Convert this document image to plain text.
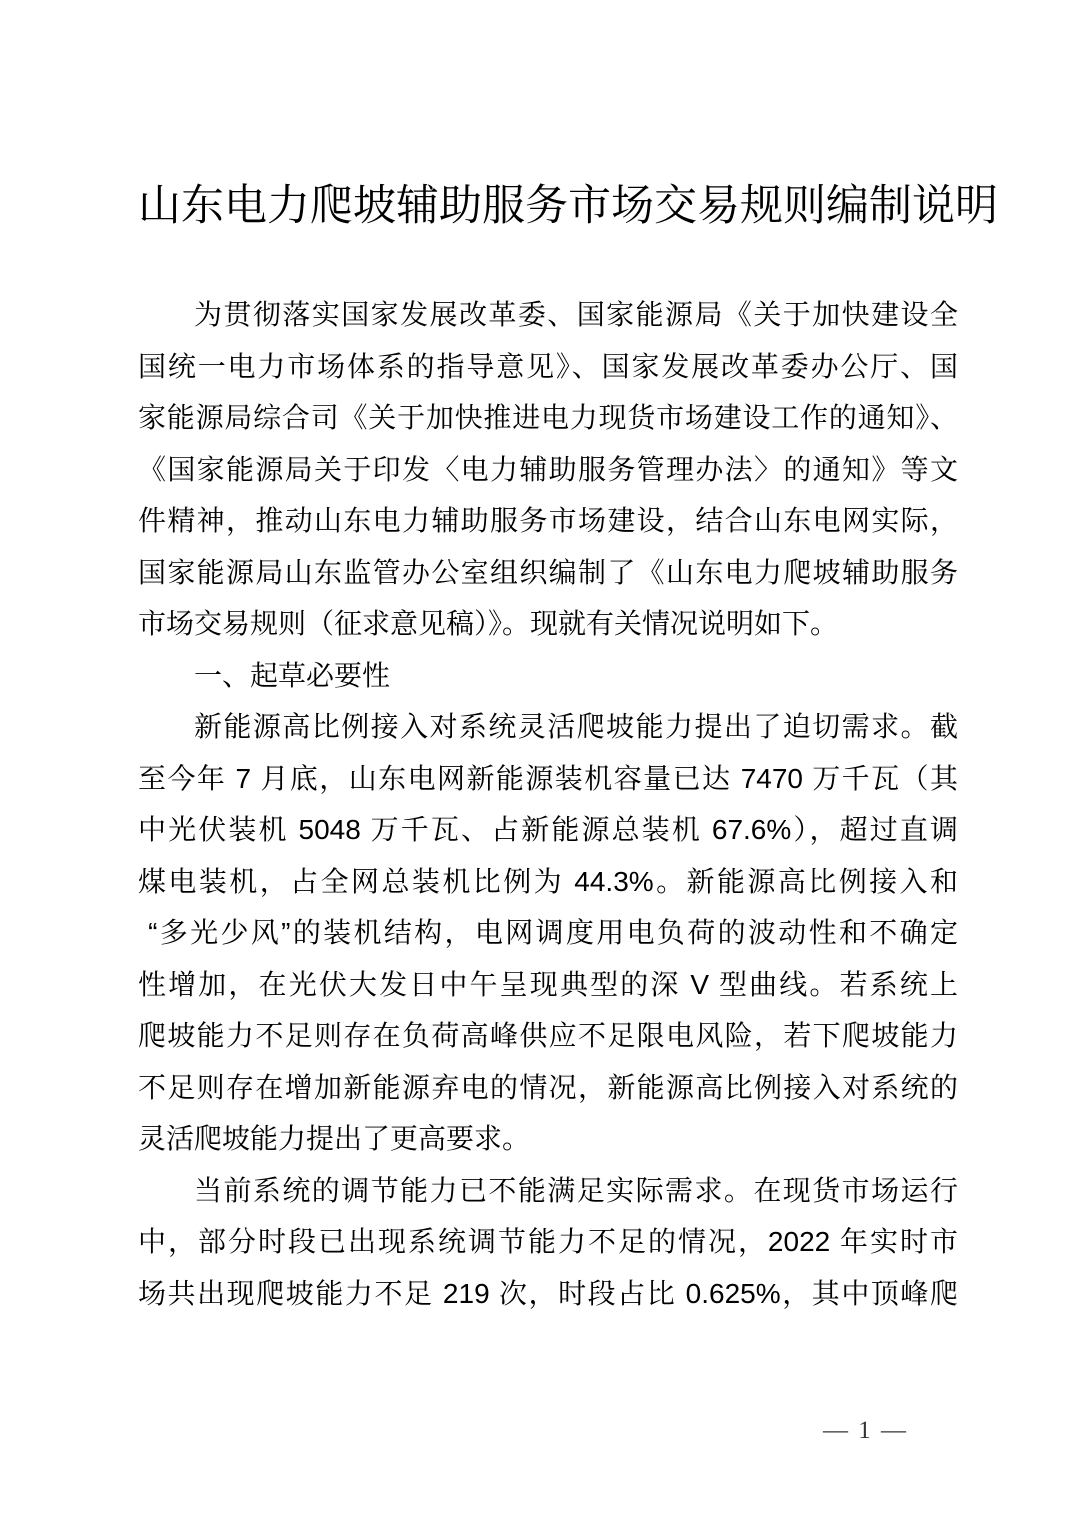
山东电力爬坡辅助服务市场交易规则编制说明
为贯彻落实国家发展改革委、国家能源局《关于加快建设全
国统一电力市场体系的指导意见》、国家发展改革委办公厅、国
家能源局综合司《关于加快推进电力现货市场建设工作的通知》、
《国家能源局关于印发〈电力辅助服务管理办法〉的通知》等文
件精神，推动山东电力辅助服务市场建设，结合山东电网实际，
国家能源局山东监管办公室组织编制了《山东电力爬坡辅助服务
市场交易规则（征求意见稿）》。现就有关情况说明如下。
一、起草必要性
新能源高比例接入对系统灵活爬坡能力提出了迫切需求。截
至今年 7 月底，山东电网新能源装机容量已达 7470 万千瓦（其
中光伏装机 5048 万千瓦、占新能源总装机 67.6%），超过直调
煤电装机，占全网总装机比例为 44.3%。新能源高比例接入和
“多光少风”的装机结构，电网调度用电负荷的波动性和不确定
性增加，在光伏大发日中午呈现典型的深 V 型曲线。若系统上
爬坡能力不足则存在负荷高峰供应不足限电风险，若下爬坡能力
不足则存在增加新能源弃电的情况，新能源高比例接入对系统的
灵活爬坡能力提出了更高要求。
当前系统的调节能力已不能满足实际需求。在现货市场运行
中，部分时段已出现系统调节能力不足的情况，2022 年实时市
场共出现爬坡能力不足 219 次，时段占比 0.625%，其中顶峰爬
— 1 —
